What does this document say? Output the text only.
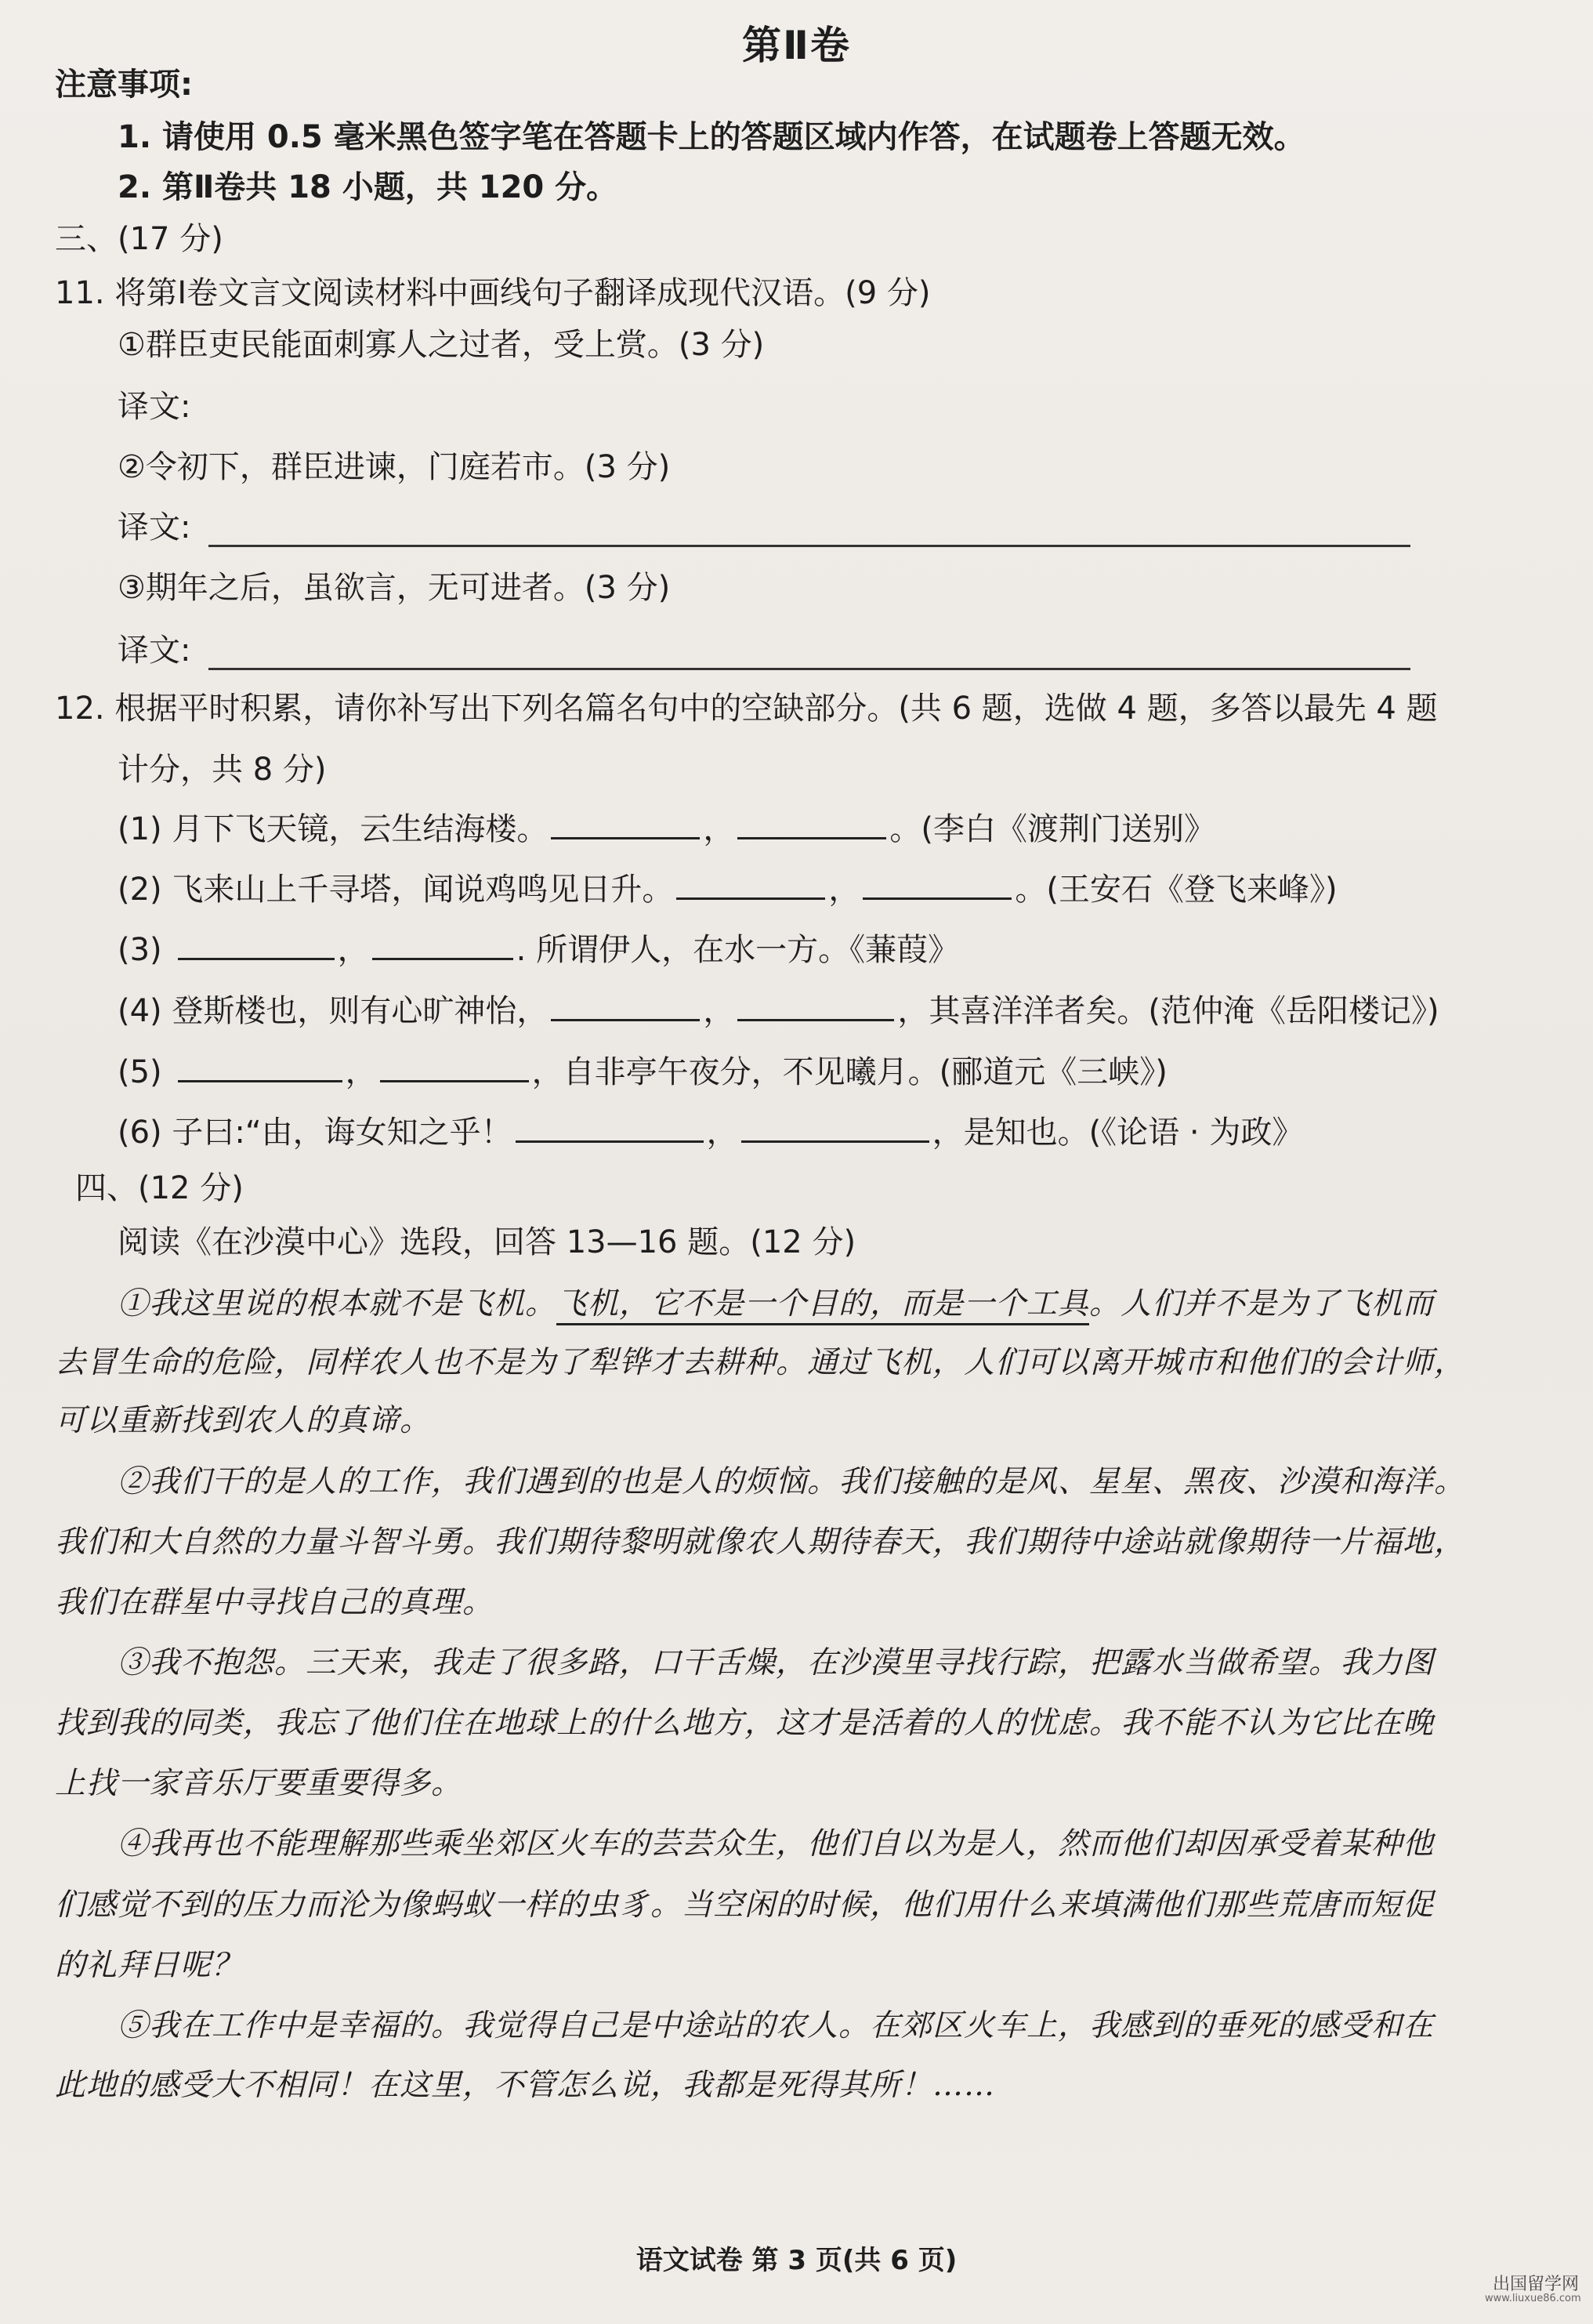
第Ⅱ卷
注意事项:
1. 请使用 0.5 毫米黑色签字笔在答题卡上的答题区域内作答，在试题卷上答题无效。
2. 第Ⅱ卷共 18 小题，共 120 分。
三、(17 分)
11. 将第Ⅰ卷文言文阅读材料中画线句子翻译成现代汉语。(9 分)
①群臣吏民能面刺寡人之过者，受上赏。(3 分)
译文:
②令初下，群臣进谏，门庭若市。(3 分)
译文:
③期年之后，虽欲言，无可进者。(3 分)
译文:
12. 根据平时积累，请你补写出下列名篇名句中的空缺部分。(共 6 题，选做 4 题，多答以最先 4 题
计分，共 8 分)
(1) 月下飞天镜，云生结海楼。	，	。(李白《渡荆门送别》
(2) 飞来山上千寻塔，闻说鸡鸣见日升。	，	。(王安石《登飞来峰》)
(3)	，	. 所谓伊人，在水一方。《蒹葭》
(4) 登斯楼也，则有心旷神怡，	，	，其喜洋洋者矣。(范仲淹《岳阳楼记》)
(5)	，	，自非亭午夜分，不见曦月。(郦道元《三峡》)
(6) 子曰:“由，诲女知之乎！	，	，是知也。(《论语 · 为政》
四、(12 分)
阅读《在沙漠中心》选段，回答 13—16 题。(12 分)
①我这里说的根本就不是飞机。飞机，它不是一个目的，而是一个工具。人们并不是为了飞机而
去冒生命的危险，同样农人也不是为了犁铧才去耕种。通过飞机，人们可以离开城市和他们的会计师，
可以重新找到农人的真谛。
②我们干的是人的工作，我们遇到的也是人的烦恼。我们接触的是风、星星、黑夜、沙漠和海洋。
我们和大自然的力量斗智斗勇。我们期待黎明就像农人期待春天，我们期待中途站就像期待一片福地，
我们在群星中寻找自己的真理。
③我不抱怨。三天来，我走了很多路，口干舌燥，在沙漠里寻找行踪，把露水当做希望。我力图
找到我的同类，我忘了他们住在地球上的什么地方，这才是活着的人的忧虑。我不能不认为它比在晚
上找一家音乐厅要重要得多。
④我再也不能理解那些乘坐郊区火车的芸芸众生，他们自以为是人，然而他们却因承受着某种他
们感觉不到的压力而沦为像蚂蚁一样的虫豸。当空闲的时候，他们用什么来填满他们那些荒唐而短促
的礼拜日呢？
⑤我在工作中是幸福的。我觉得自己是中途站的农人。在郊区火车上，我感到的垂死的感受和在
此地的感受大不相同！在这里，不管怎么说，我都是死得其所！……
语文试卷 第 3 页(共 6 页)
出国留学网
www.liuxue86.com
